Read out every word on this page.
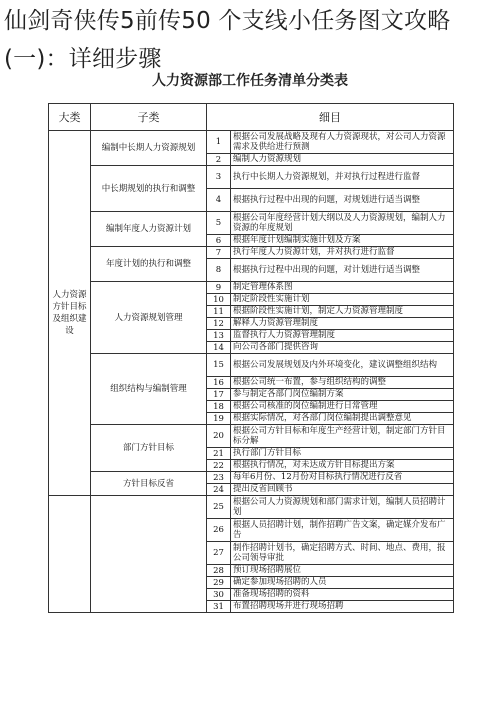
仙剑奇侠传5前传50 个支线小任务图文攻略(一)：详细步骤
人力资源部工作任务清单分类表
大类	子类	细目	
人力资源方针目标及组织建设	编制中长期人力资源规划	1	根据公司发展战略及现有人力资源现状，对公司人力资源需求及供给进行预测
		2	编制人力资源规划
	中长期规划的执行和调整	3	执行中长期人力资源规划，并对执行过程进行监督
		4	根据执行过程中出现的问题，对规划进行适当调整
	编制年度人力资源计划	5	根据公司年度经营计划大纲以及人力资源规划，编制人力资源的年度规划
		6	根据年度计划编制实施计划及方案
	年度计划的执行和调整	7	执行年度人力资源计划，并对执行进行监督
		8	根据执行过程中出现的问题，对计划进行适当调整
	人力资源规划管理	9	制定管理体系图
		10	制定阶段性实施计划
		11	根据阶段性实施计划，制定人力资源管理制度
		12	解释人力资源管理制度
		13	监督执行人力资源管理制度
		14	向公司各部门提供咨询
	组织结构与编制管理	15	根据公司发展规划及内外环境变化，建议调整组织结构
		16	根据公司统一布置，参与组织结构的调整
		17	参与制定各部门岗位编制方案
		18	根据公司核准的岗位编制进行日常管理
		19	根据实际情况，对各部门岗位编制提出调整意见
	部门方针目标	20	根据公司方针目标和年度生产经营计划，制定部门方针目标分解
		21	执行部门方针目标
		22	根据执行情况，对未达成方针目标提出方案
	方针目标反省	23	每年6月份、12月份对目标执行情况进行反省
		24	提出反省回顾书
		25	根据公司人力资源规划和部门需求计划，编制人员招聘计划
		26	根据人员招聘计划，制作招聘广告文案，确定媒介发布广告
		27	制作招聘计划书，确定招聘方式、时间、地点、费用，报公司领导审批
		28	预订现场招聘展位
		29	确定参加现场招聘的人员
		30	准备现场招聘的资料
		31	布置招聘现场并进行现场招聘
